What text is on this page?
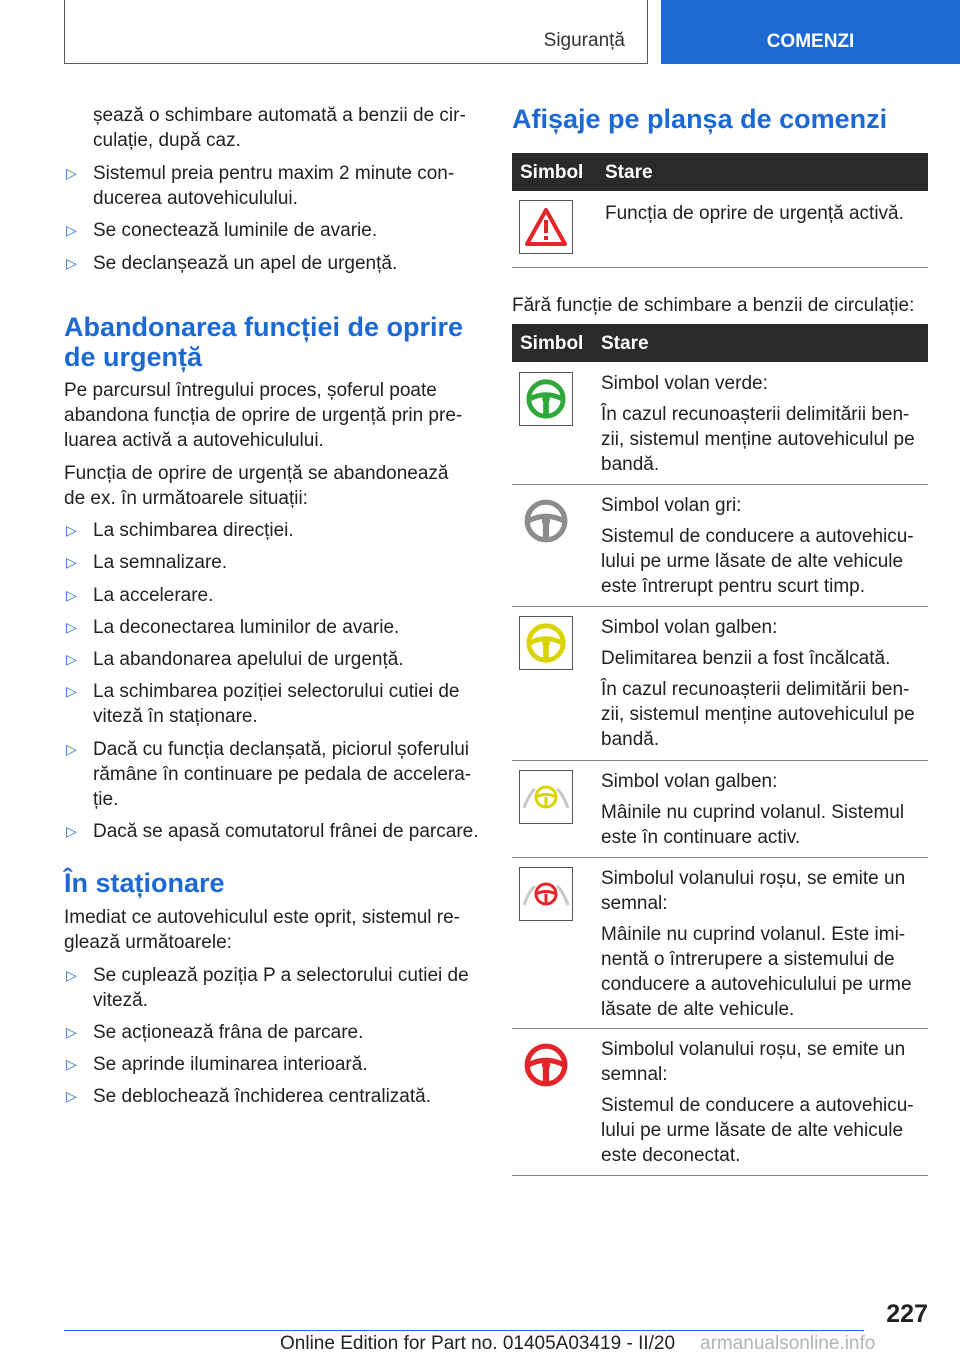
Siguranță	COMENZI
șează o schimbare automată a benzii de cir-
culație, după caz.
▷ Sistemul preia pentru maxim 2 minute con-
ducerea autovehiculului.
▷ Se conectează luminile de avarie.
▷ Se declanșează un apel de urgență.
Abandonarea funcției de oprire
de urgență

Pe parcursul întregului proces, șoferul poate
abandona funcția de oprire de urgență prin pre-
luarea activă a autovehiculului.

Funcția de oprire de urgență se abandonează
de ex. în următoarele situații:

▷ La schimbarea direcției.
▷ La semnalizare.
▷ La accelerare.
▷ La deconectarea luminilor de avarie.
▷ La abandonarea apelului de urgență.
▷ La schimbarea poziției selectorului cutiei de
viteză în staționare.
▷ Dacă cu funcția declanșată, piciorul șoferului
rămâne în continuare pe pedala de accelera-
ție.
▷ Dacă se apasă comutatorul frânei de parcare.
În staționare

Imediat ce autovehiculul este oprit, sistemul re-
glează următoarele:

▷ Se cuplează poziția P a selectorului cutiei de
viteză.
▷ Se acționează frâna de parcare.
▷ Se aprinde iluminarea interioară.
▷ Se deblochează închiderea centralizată.
Afișaje pe planșa de comenzi
Simbol Stare

Funcția de oprire de urgență activă.

Fără funcție de schimbare a benzii de circulație:

Simbol Stare

Simbol volan verde:

În cazul recunoașterii delimitării ben-
zii, sistemul menține autovehiculul pe
bandă.

Simbol volan gri:

Sistemul de conducere a autovehicu-
lului pe urme lăsate de alte vehicule
este întrerupt pentru scurt timp.

Simbol volan galben:

Delimitarea benzii a fost încălcată.

În cazul recunoașterii delimitării ben-
zii, sistemul menține autovehiculul pe
bandă.

Simbol volan galben:

Mâinile nu cuprind volanul. Sistemul
este în continuare activ.

Simbolul volanului roșu, se emite un
semnal:

Mâinile nu cuprind volanul. Este imi-
nentă o întrerupere a sistemului de
conducere a autovehiculului pe urme
lăsate de alte vehicule.

Simbolul volanului roșu, se emite un
semnal:

Sistemul de conducere a autovehicu-
lului pe urme lăsate de alte vehicule
este deconectat.

227
Online Edition for Part no. 01405A03419 - II/20 armanualsonline.info
